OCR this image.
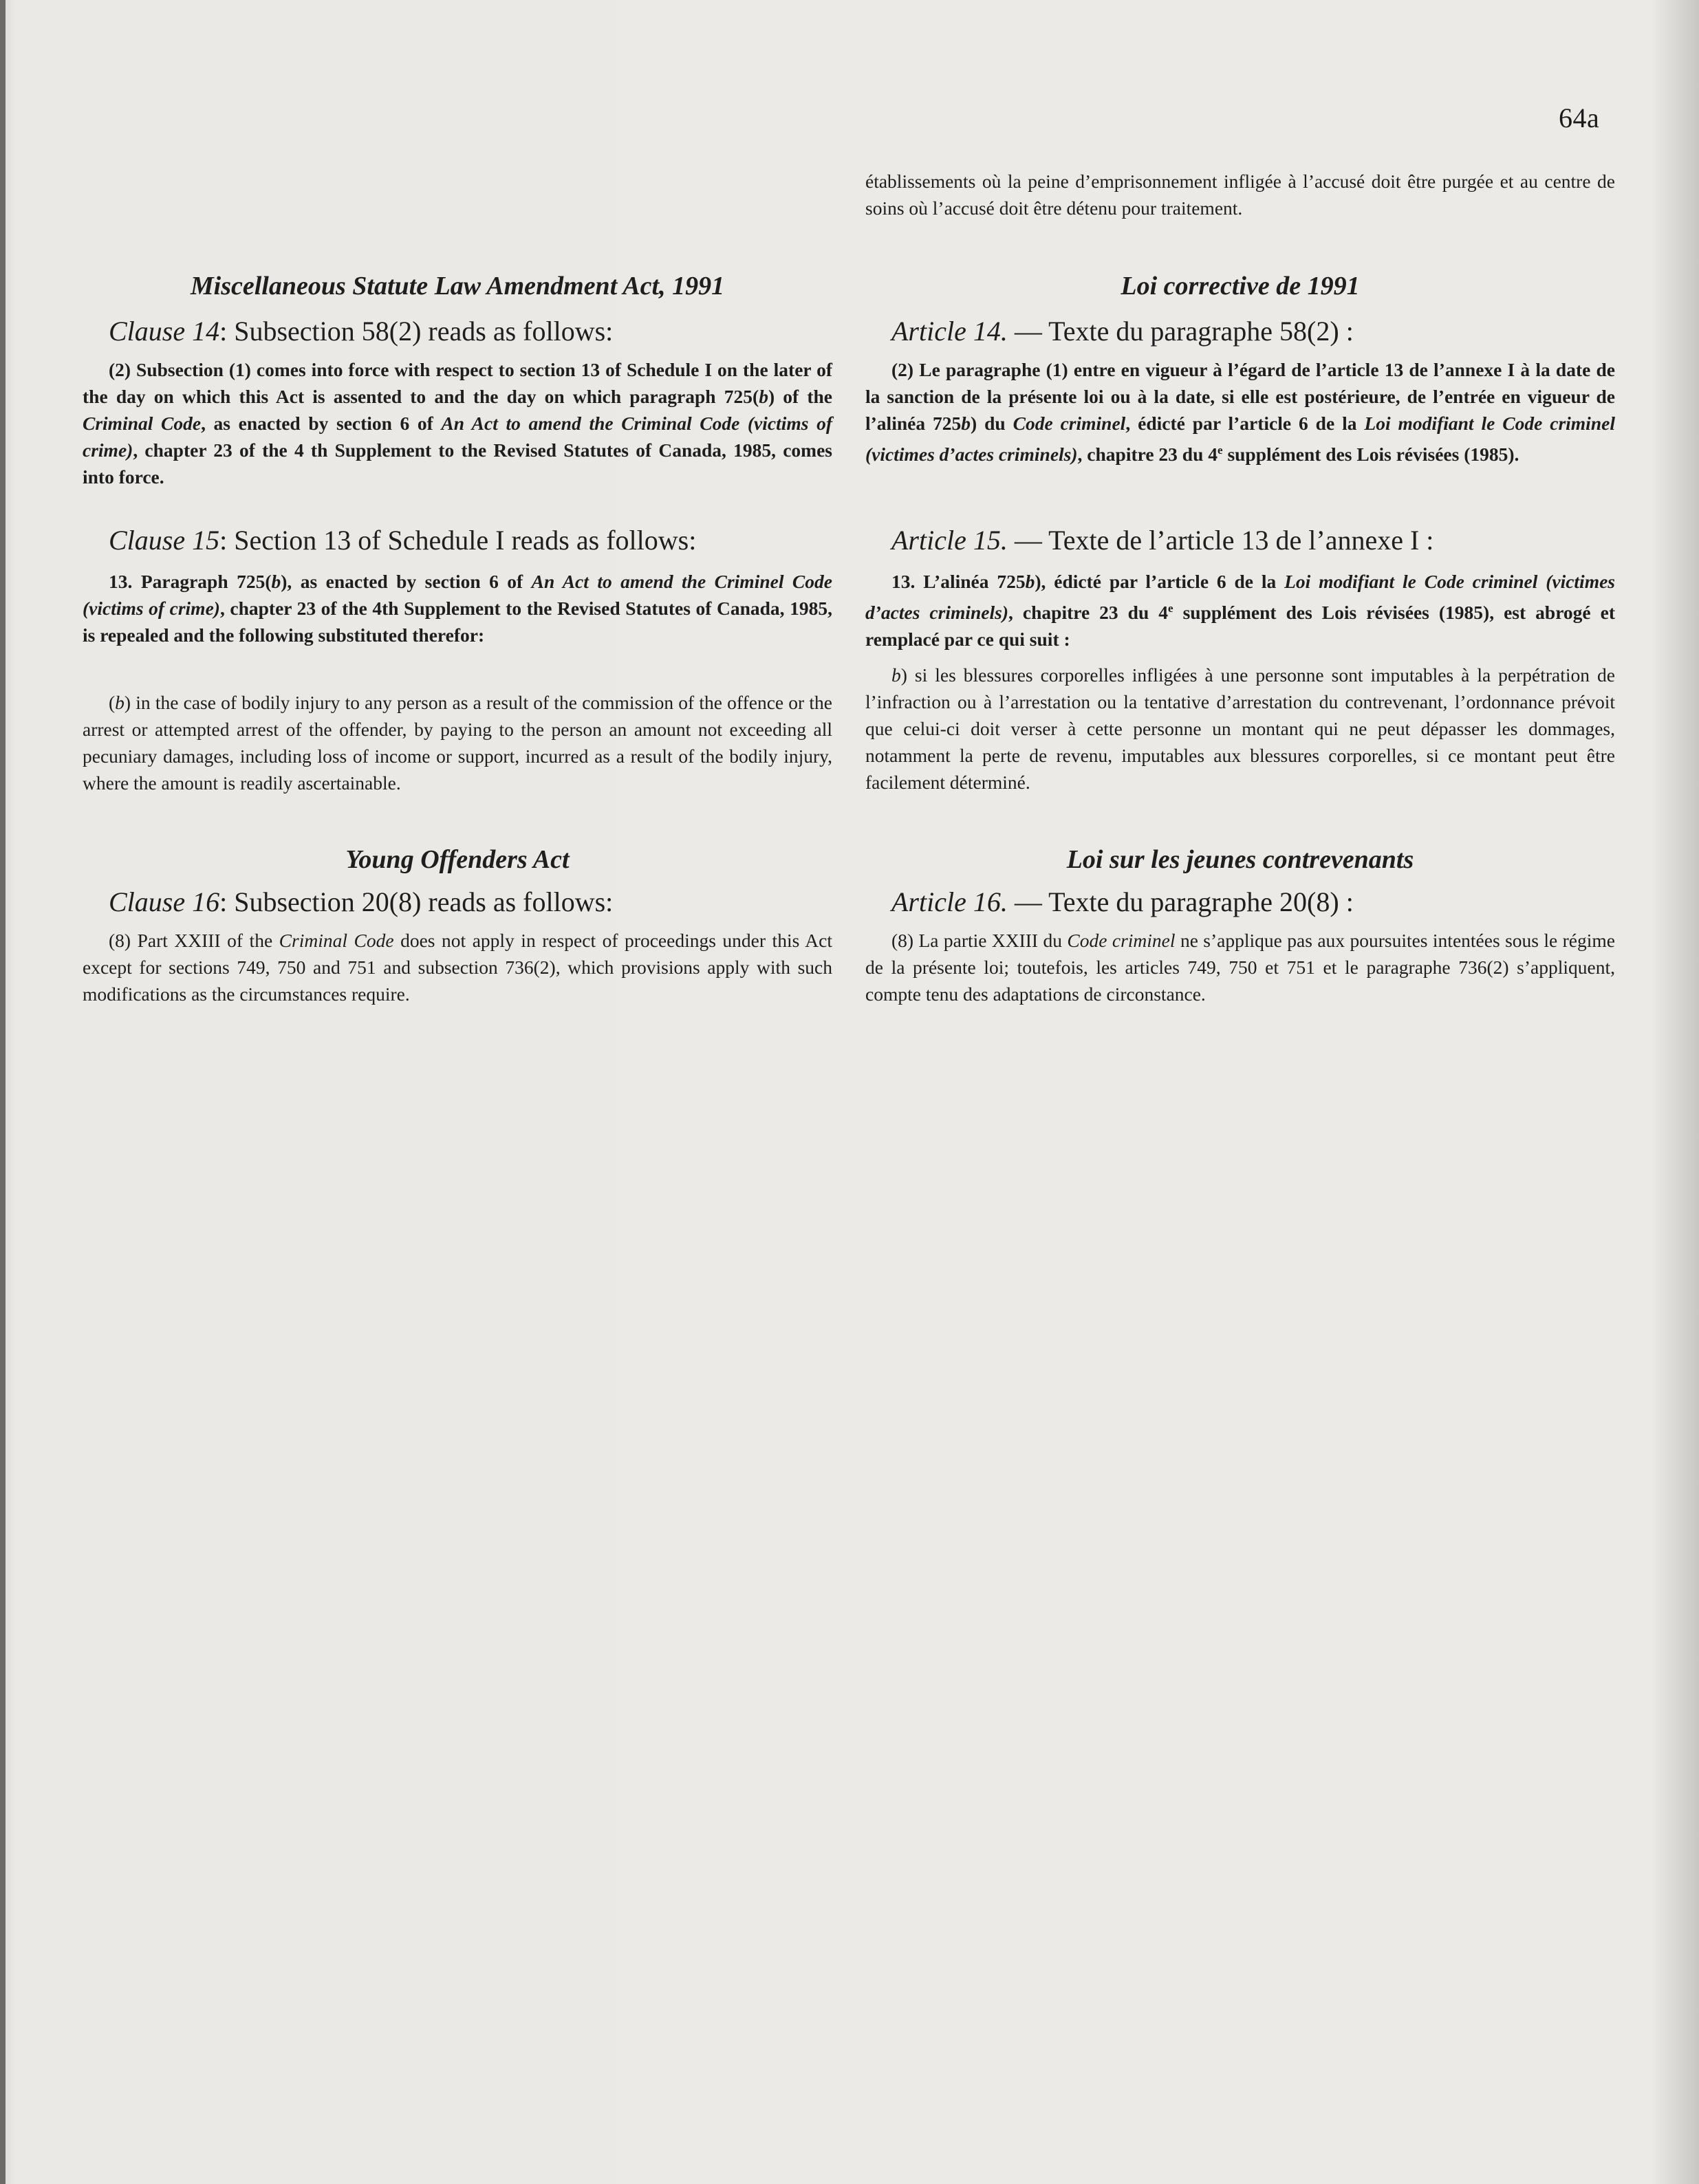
64a
Miscellaneous Statute Law Amendment Act, 1991

Clause 14: Subsection 58(2) reads as follows:

(2) Subsection (1) comes into force with respect to section 13 of Schedule I on the later of the day on which this Act is assented to and the day on which paragraph 725(b) of the Criminal Code, as enacted by section 6 of An Act to amend the Criminal Code (victims of crime), chapter 23 of the 4 th Supplement to the Revised Statutes of Canada, 1985, comes into force.

Clause 15: Section 13 of Schedule I reads as follows:

13. Paragraph 725(b), as enacted by section 6 of An Act to amend the Criminel Code (victims of crime), chapter 23 of the 4th Supplement to the Revised Statutes of Canada, 1985, is repealed and the following substituted therefor:

(b) in the case of bodily injury to any person as a result of the commission of the offence or the arrest or attempted arrest of the offender, by paying to the person an amount not exceeding all pecuniary damages, including loss of income or support, incurred as a result of the bodily injury, where the amount is readily ascertainable.

Young Offenders Act

Clause 16: Subsection 20(8) reads as follows:

(8) Part XXIII of the Criminal Code does not apply in respect of proceedings under this Act except for sections 749, 750 and 751 and subsection 736(2), which provisions apply with such modifications as the circumstances require.

établissements où la peine d’emprisonnement infligée à l’accusé doit être purgée et au centre de soins où l’accusé doit être détenu pour traitement.

Loi corrective de 1991

Article 14. — Texte du paragraphe 58(2) :

(2) Le paragraphe (1) entre en vigueur à l’égard de l’article 13 de l’annexe I à la date de la sanction de la présente loi ou à la date, si elle est postérieure, de l’entrée en vigueur de l’alinéa 725b) du Code criminel, édicté par l’article 6 de la Loi modifiant le Code criminel (victimes d’actes criminels), chapitre 23 du 4e supplément des Lois révisées (1985).

Article 15. — Texte de l’article 13 de l’annexe I :

13. L’alinéa 725b), édicté par l’article 6 de la Loi modifiant le Code criminel (victimes d’actes criminels), chapitre 23 du 4e supplément des Lois révisées (1985), est abrogé et remplacé par ce qui suit :

b) si les blessures corporelles infligées à une personne sont imputables à la perpétration de l’infraction ou à l’arrestation ou la tentative d’arrestation du contrevenant, l’ordonnance prévoit que celui-ci doit verser à cette personne un montant qui ne peut dépasser les dommages, notamment la perte de revenu, imputables aux blessures corporelles, si ce montant peut être facilement déterminé.

Loi sur les jeunes contrevenants

Article 16. — Texte du paragraphe 20(8) :

(8) La partie XXIII du Code criminel ne s’applique pas aux poursuites intentées sous le régime de la présente loi; toutefois, les articles 749, 750 et 751 et le paragraphe 736(2) s’appliquent, compte tenu des adaptations de circonstance.
